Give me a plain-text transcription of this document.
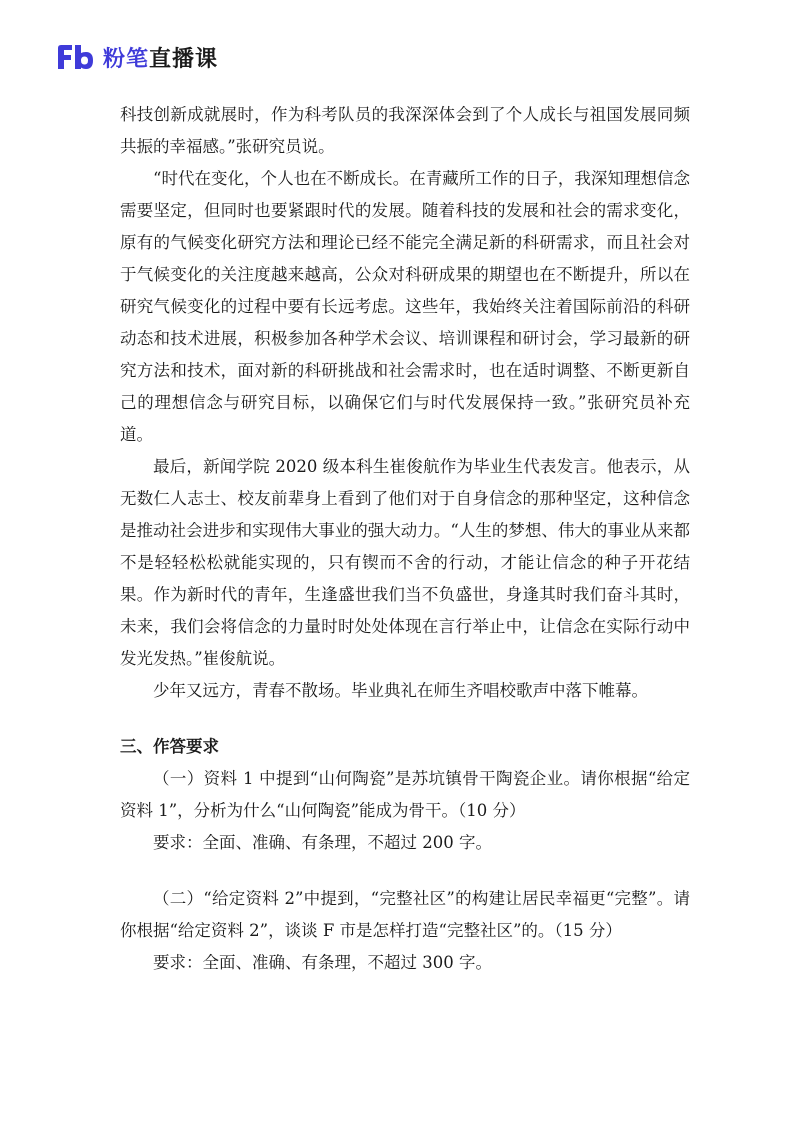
粉笔 直播课

科技创新成就展时，作为科考队员的我深深体会到了个人成长与祖国发展同频共振的幸福感。”张研究员说。

“时代在变化，个人也在不断成长。在青藏所工作的日子，我深知理想信念需要坚定，但同时也要紧跟时代的发展。随着科技的发展和社会的需求变化，原有的气候变化研究方法和理论已经不能完全满足新的科研需求，而且社会对于气候变化的关注度越来越高，公众对科研成果的期望也在不断提升，所以在研究气候变化的过程中要有长远考虑。这些年，我始终关注着国际前沿的科研动态和技术进展，积极参加各种学术会议、培训课程和研讨会，学习最新的研究方法和技术，面对新的科研挑战和社会需求时，也在适时调整、不断更新自己的理想信念与研究目标，以确保它们与时代发展保持一致。”张研究员补充道。

最后，新闻学院 2020 级本科生崔俊航作为毕业生代表发言。他表示，从无数仁人志士、校友前辈身上看到了他们对于自身信念的那种坚定，这种信念是推动社会进步和实现伟大事业的强大动力。“人生的梦想、伟大的事业从来都不是轻轻松松就能实现的，只有锲而不舍的行动，才能让信念的种子开花结果。作为新时代的青年，生逢盛世我们当不负盛世，身逢其时我们奋斗其时，未来，我们会将信念的力量时时处处体现在言行举止中，让信念在实际行动中发光发热。”崔俊航说。

少年又远方，青春不散场。毕业典礼在师生齐唱校歌声中落下帷幕。

三、作答要求

（一）资料 1 中提到“山何陶瓷”是苏坑镇骨干陶瓷企业。请你根据“给定资料 1”，分析为什么“山何陶瓷”能成为骨干。（10 分）

要求：全面、准确、有条理，不超过 200 字。

（二）“给定资料 2”中提到，“完整社区”的构建让居民幸福更“完整”。请你根据“给定资料 2”，谈谈 F 市是怎样打造“完整社区”的。（15 分）

要求：全面、准确、有条理，不超过 300 字。
